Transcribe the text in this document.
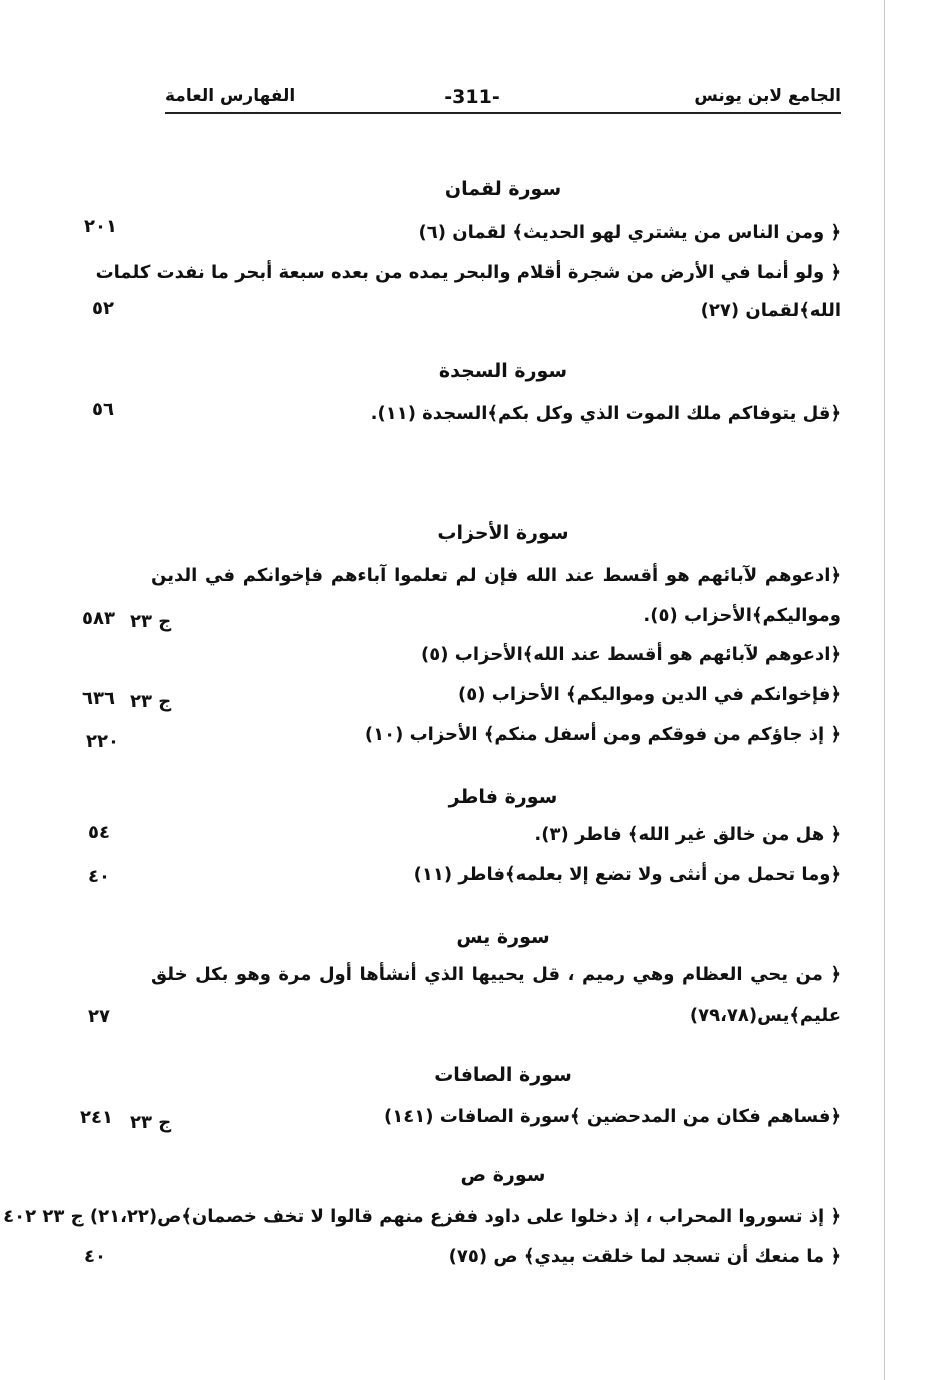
الجامع لابن يونس
-311-
الفهارس العامة
سورة لقمان
﴿ ومن الناس من يشتري لهو الحديث﴾ لقمان (٦)
٢٠١
﴿ ولو أنما في الأرض من شجرة أقلام والبحر يمده من بعده سبعة أبحر ما نفدت كلمات
الله﴾لقمان (٢٧)
٥٢
سورة السجدة
﴿قل يتوفاكم ملك الموت الذي وكل بكم﴾السجدة (١١).
٥٦
سورة الأحزاب
﴿ادعوهم لآبائهم هو أقسط عند الله فإن لم تعلموا آباءهم فإخوانكم في الدين
ومواليكم﴾الأحزاب (٥).
ج ٢٣
٥٨٣
﴿ادعوهم لآبائهم هو أقسط عند الله﴾الأحزاب (٥)
﴿فإخوانكم في الدين ومواليكم﴾ الأحزاب (٥)
ج ٢٣
٦٣٦
﴿ إذ جاؤكم من فوقكم ومن أسفل منكم﴾ الأحزاب (١٠)
٢٢٠
سورة فاطر
﴿ هل من خالق غير الله﴾ فاطر (٣).
٥٤
﴿وما تحمل من أنثى ولا تضع إلا بعلمه﴾فاطر (١١)
٤٠
سورة يس
﴿ من يحي العظام وهي رميم ، قل يحييها الذي أنشأها أول مرة وهو بكل خلق
عليم﴾يس(٧٩،٧٨)
٢٧
سورة الصافات
﴿فساهم فكان من المدحضين ﴾سورة الصافات (١٤١)
ج ٢٣
٢٤١
سورة ص
﴿ إذ تسوروا المحراب ، إذ دخلوا على داود ففزع منهم قالوا لا تخف خصمان﴾ص(٢١،٢٢) ج ٢٣ ٤٠٢
﴿ ما منعك أن تسجد لما خلقت بيدي﴾ ص (٧٥)
٤٠
